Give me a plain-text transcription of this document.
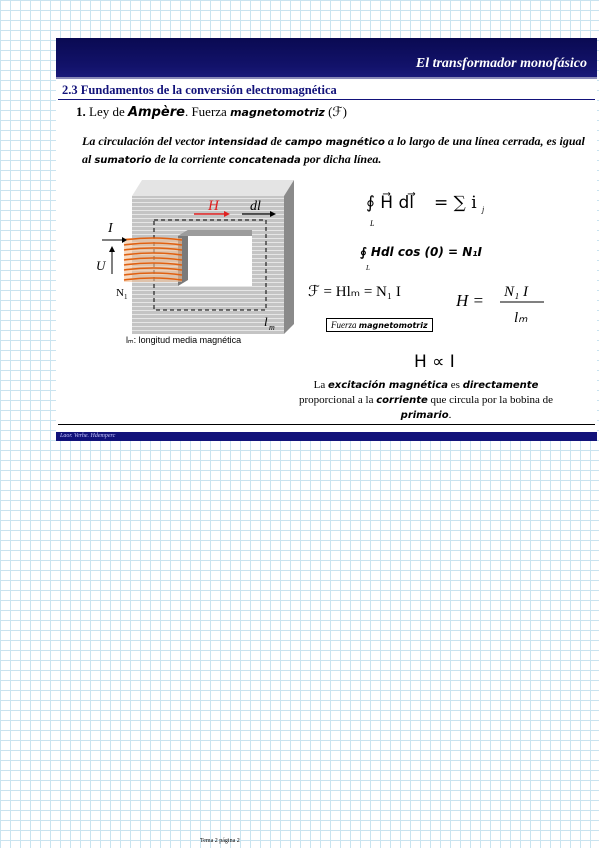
El transformador monofásico
2.3 Fundamentos de la conversión electromagnética
1. Ley de Ampère. Fuerza magnetomotriz (ℱ)
La circulación del vector intensidad de campo magnético a lo largo de una línea cerrada, es igual al sumatorio de la corriente concatenada por dicha línea.
H dl
I
U
N 1
l m
lₘ: longitud media magnética
∮ H⃗ dl⃗ = ∑ i
L
j
∮ Hdl cos (0) = N₁I
L
ℱ = Hlₘ = N₁ I
Fuerza magnetomotriz
H = N₁ I
lₘ
H ∝ I
La excitación magnética es directamente proporcional a la corriente que circula por la bobina de primario.
Laor. Verhe. Hdemperc
Tema 2 página 2
